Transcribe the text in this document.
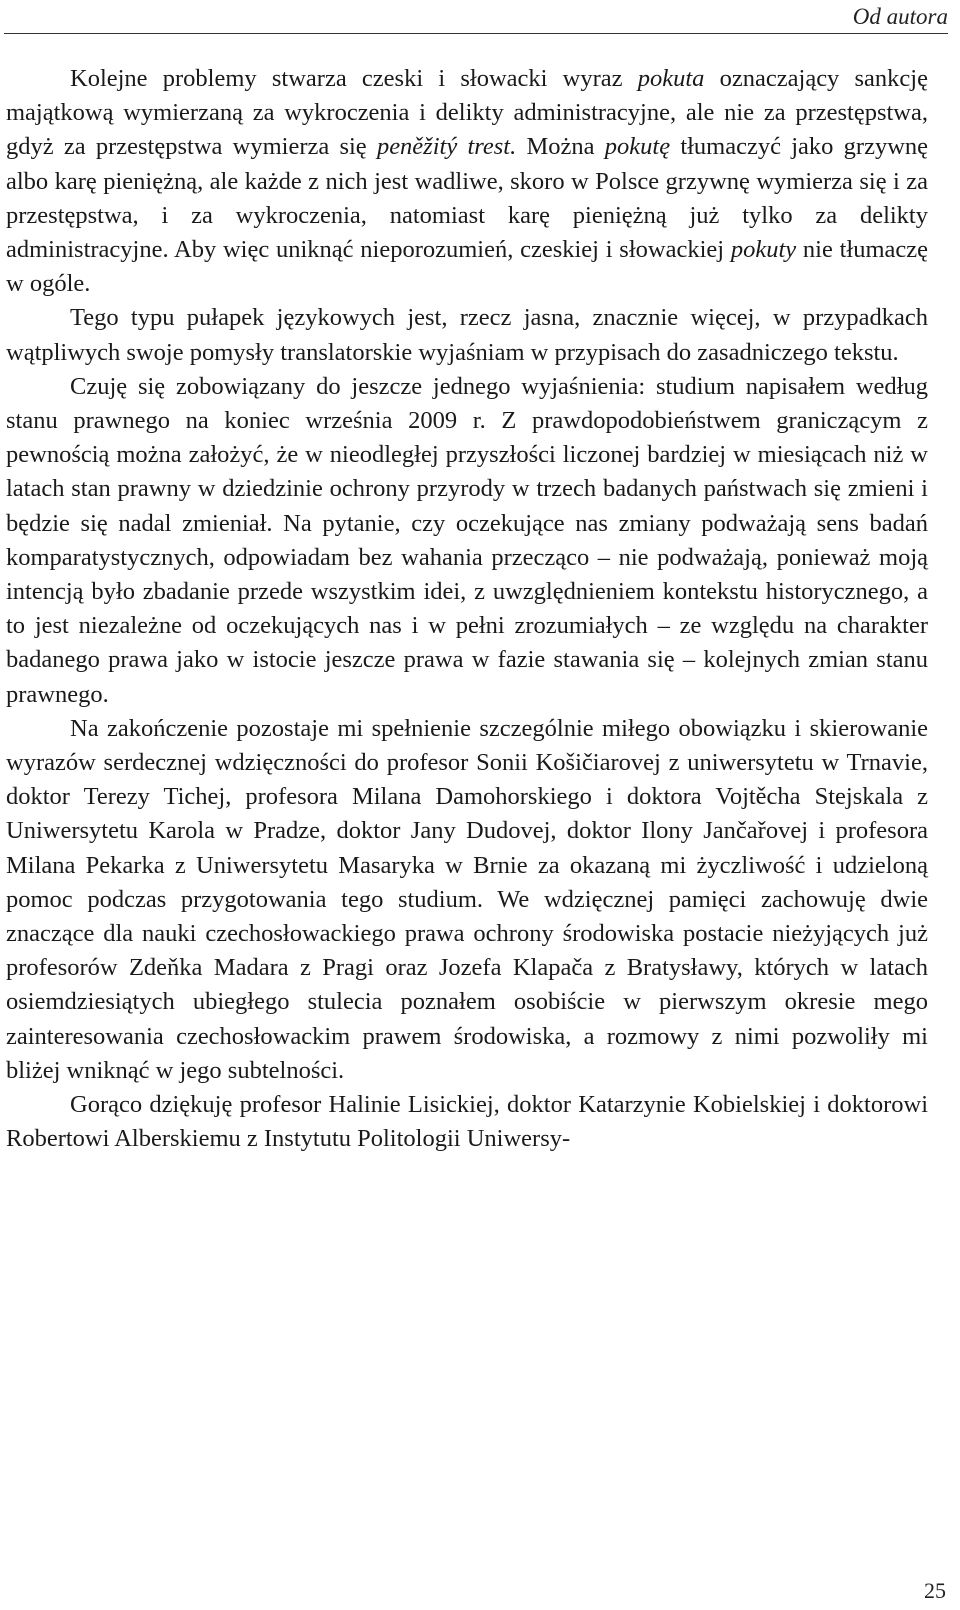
Od autora

Kolejne problemy stwarza czeski i słowacki wyraz pokuta oznaczający sankcję majątkową wymierzaną za wykroczenia i delikty administracyjne, ale nie za przestępstwa, gdyż za przestępstwa wymierza się peněžitý trest. Można pokutę tłumaczyć jako grzywnę albo karę pieniężną, ale każde z nich jest wadliwe, skoro w Polsce grzywnę wymierza się i za przestępstwa, i za wykroczenia, natomiast karę pieniężną już tylko za delikty administracyjne. Aby więc uniknąć nieporozumień, czeskiej i słowackiej pokuty nie tłumaczę w ogóle.

Tego typu pułapek językowych jest, rzecz jasna, znacznie więcej, w przypadkach wątpliwych swoje pomysły translatorskie wyjaśniam w przypisach do zasadniczego tekstu.

Czuję się zobowiązany do jeszcze jednego wyjaśnienia: studium napisałem według stanu prawnego na koniec września 2009 r. Z prawdopodobieństwem graniczącym z pewnością można założyć, że w nieodległej przyszłości liczonej bardziej w miesiącach niż w latach stan prawny w dziedzinie ochrony przyrody w trzech badanych państwach się zmieni i będzie się nadal zmieniał. Na pytanie, czy oczekujące nas zmiany podważają sens badań komparatystycznych, odpowiadam bez wahania przecząco – nie podważają, ponieważ moją intencją było zbadanie przede wszystkim idei, z uwzględnieniem kontekstu historycznego, a to jest niezależne od oczekujących nas i w pełni zrozumiałych – ze względu na charakter badanego prawa jako w istocie jeszcze prawa w fazie stawania się – kolejnych zmian stanu prawnego.

Na zakończenie pozostaje mi spełnienie szczególnie miłego obowiązku i skierowanie wyrazów serdecznej wdzięczności do profesor Sonii Košičiarovej z uniwersytetu w Trnavie, doktor Terezy Tichej, profesora Milana Damohorskiego i doktora Vojtěcha Stejskala z Uniwersytetu Karola w Pradze, doktor Jany Dudovej, doktor Ilony Jančařovej i profesora Milana Pekarka z Uniwersytetu Masaryka w Brnie za okazaną mi życzliwość i udzieloną pomoc podczas przygotowania tego studium. We wdzięcznej pamięci zachowuję dwie znaczące dla nauki czechosłowackiego prawa ochrony środowiska postacie nieżyjących już profesorów Zdeňka Madara z Pragi oraz Jozefa Klapača z Bratysławy, których w latach osiemdziesiątych ubiegłego stulecia poznałem osobiście w pierwszym okresie mego zainteresowania czechosłowackim prawem środowiska, a rozmowy z nimi pozwoliły mi bliżej wniknąć w jego subtelności.

Gorąco dziękuję profesor Halinie Lisickiej, doktor Katarzynie Kobielskiej i doktorowi Robertowi Alberskiemu z Instytutu Politologii Uniwersy-

25
